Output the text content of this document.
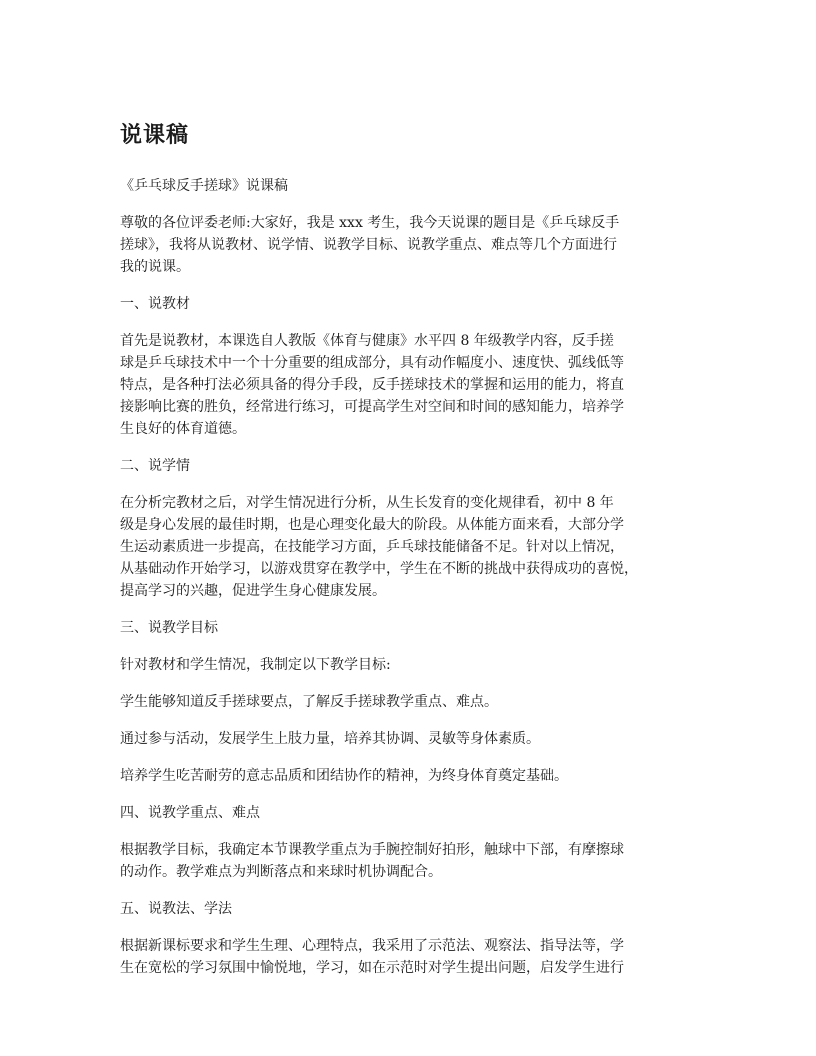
说课稿

《乒乓球反手搓球》说课稿

尊敬的各位评委老师:大家好，我是 xxx 考生，我今天说课的题目是《乒乓球反手
搓球》，我将从说教材、说学情、说教学目标、说教学重点、难点等几个方面进行
我的说课。

一、说教材

首先是说教材，本课选自人教版《体育与健康》水平四 8 年级教学内容，反手搓
球是乒乓球技术中一个十分重要的组成部分，具有动作幅度小、速度快、弧线低等
特点，是各种打法必须具备的得分手段，反手搓球技术的掌握和运用的能力，将直
接影响比赛的胜负，经常进行练习，可提高学生对空间和时间的感知能力，培养学
生良好的体育道德。

二、说学情

在分析完教材之后，对学生情况进行分析，从生长发育的变化规律看，初中 8 年
级是身心发展的最佳时期，也是心理变化最大的阶段。从体能方面来看，大部分学
生运动素质进一步提高，在技能学习方面，乒乓球技能储备不足。针对以上情况，
从基础动作开始学习，以游戏贯穿在教学中，学生在不断的挑战中获得成功的喜悦，
提高学习的兴趣，促进学生身心健康发展。

三、说教学目标

针对教材和学生情况，我制定以下教学目标:

学生能够知道反手搓球要点，了解反手搓球教学重点、难点。

通过参与活动，发展学生上肢力量，培养其协调、灵敏等身体素质。

培养学生吃苦耐劳的意志品质和团结协作的精神，为终身体育奠定基础。

四、说教学重点、难点

根据教学目标，我确定本节课教学重点为手腕控制好拍形，触球中下部，有摩擦球
的动作。教学难点为判断落点和来球时机协调配合。

五、说教法、学法

根据新课标要求和学生生理、心理特点，我采用了示范法、观察法、指导法等，学
生在宽松的学习氛围中愉悦地，学习，如在示范时对学生提出问题，启发学生进行
